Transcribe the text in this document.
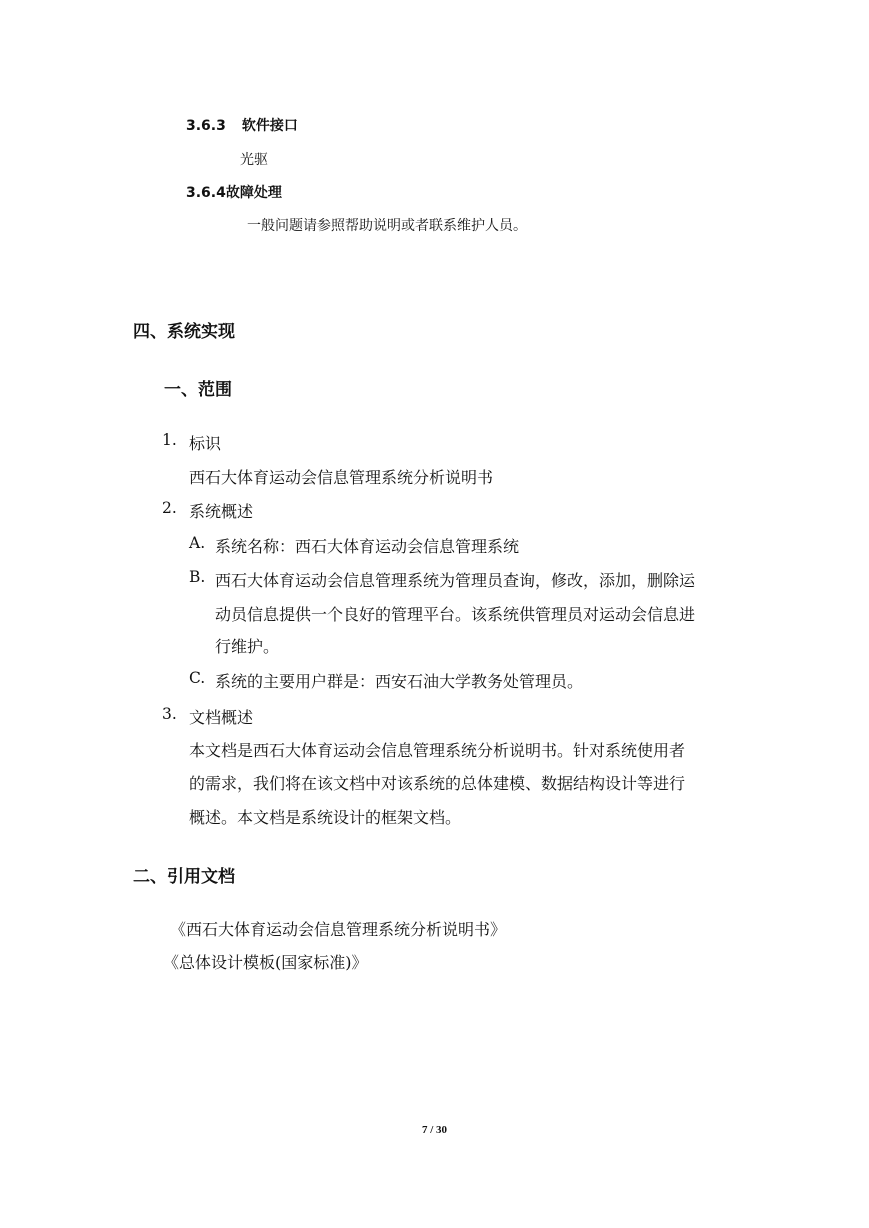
3.6.3 软件接口
光驱
3.6.4故障处理
一般问题请参照帮助说明或者联系维护人员。
四、系统实现
一、范围
1. 标识
西石大体育运动会信息管理系统分析说明书
2. 系统概述
A. 系统名称：西石大体育运动会信息管理系统
B. 西石大体育运动会信息管理系统为管理员查询，修改，添加，删除运
动员信息提供一个良好的管理平台。该系统供管理员对运动会信息进
行维护。
C. 系统的主要用户群是：西安石油大学教务处管理员。
3. 文档概述
本文档是西石大体育运动会信息管理系统分析说明书。针对系统使用者
的需求，我们将在该文档中对该系统的总体建模、数据结构设计等进行
概述。本文档是系统设计的框架文档。
二、引用文档
《西石大体育运动会信息管理系统分析说明书》
《总体设计模板(国家标准)》
7 / 30
